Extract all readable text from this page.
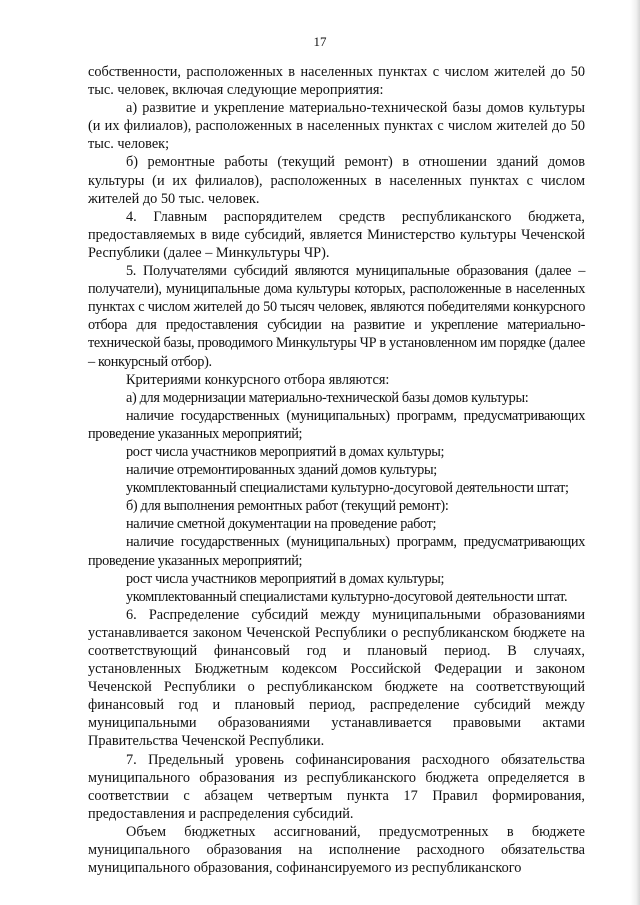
17

собственности, расположенных в населенных пунктах с числом жителей до 50 тыс. человек, включая следующие мероприятия:

а) развитие и укрепление материально-технической базы домов культуры (и их филиалов), расположенных в населенных пунктах с числом жителей до 50 тыс. человек;

б) ремонтные работы (текущий ремонт) в отношении зданий домов культуры (и их филиалов), расположенных в населенных пунктах с числом жителей до 50 тыс. человек.

4. Главным распорядителем средств республиканского бюджета, предоставляемых в виде субсидий, является Министерство культуры Чеченской Республики (далее – Минкультуры ЧР).

5. Получателями субсидий являются муниципальные образования (далее – получатели), муниципальные дома культуры которых, расположенные в населенных пунктах с числом жителей до 50 тысяч человек, являются победителями конкурсного отбора для предоставления субсидии на развитие и укрепление материально-технической базы, проводимого Минкультуры ЧР в установленном им порядке (далее – конкурсный отбор).

Критериями конкурсного отбора являются:

а) для модернизации материально-технической базы домов культуры:

наличие государственных (муниципальных) программ, предусматривающих проведение указанных мероприятий;

рост числа участников мероприятий в домах культуры;

наличие отремонтированных зданий домов культуры;

укомплектованный специалистами культурно-досуговой деятельности штат;

б) для выполнения ремонтных работ (текущий ремонт):

наличие сметной документации на проведение работ;

наличие государственных (муниципальных) программ, предусматривающих проведение указанных мероприятий;

рост числа участников мероприятий в домах культуры;

укомплектованный специалистами культурно-досуговой деятельности штат.

6. Распределение субсидий между муниципальными образованиями устанавливается законом Чеченской Республики о республиканском бюджете на соответствующий финансовый год и плановый период. В случаях, установленных Бюджетным кодексом Российской Федерации и законом Чеченской Республики о республиканском бюджете на соответствующий финансовый год и плановый период, распределение субсидий между муниципальными образованиями устанавливается правовыми актами Правительства Чеченской Республики.

7. Предельный уровень софинансирования расходного обязательства муниципального образования из республиканского бюджета определяется в соответствии с абзацем четвертым пункта 17 Правил формирования, предоставления и распределения субсидий.

Объем бюджетных ассигнований, предусмотренных в бюджете муниципального образования на исполнение расходного обязательства муниципального образования, софинансируемого из республиканского
